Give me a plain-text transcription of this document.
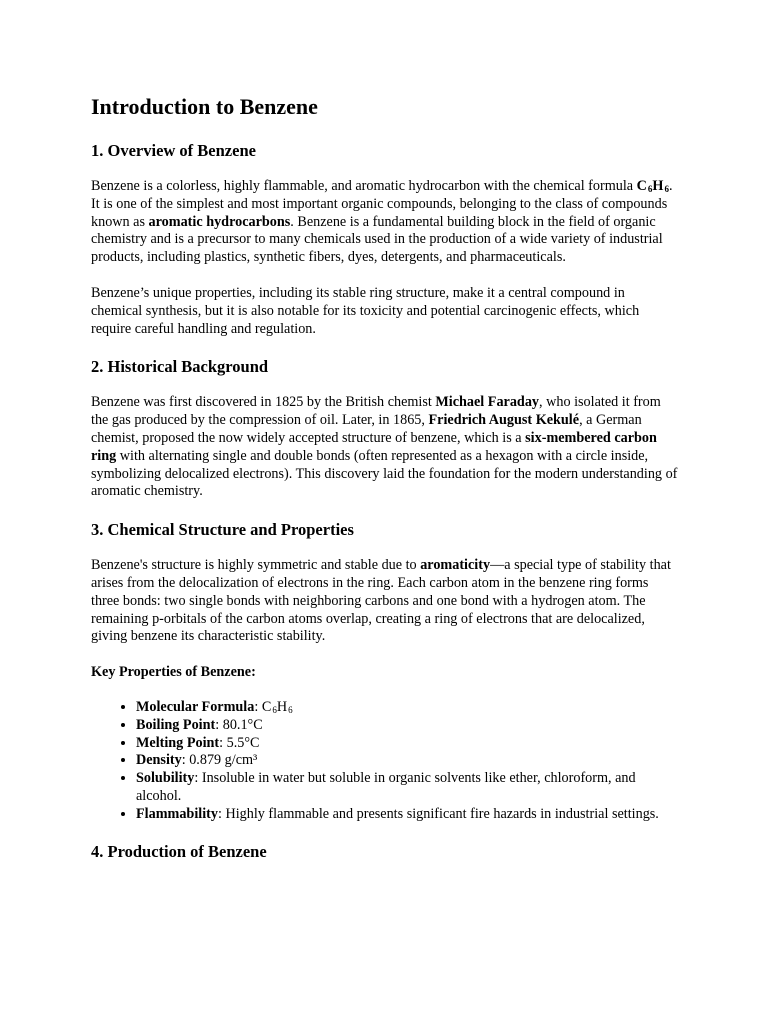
Introduction to Benzene
1. Overview of Benzene

Benzene is a colorless, highly flammable, and aromatic hydrocarbon with the chemical formula $C_6H_6$. It is one of the simplest and most important organic compounds, belonging to the class of compounds known as aromatic hydrocarbons. Benzene is a fundamental building block in the field of organic chemistry and is a precursor to many chemicals used in the production of a wide variety of industrial products, including plastics, synthetic fibers, dyes, detergents, and pharmaceuticals.

Benzene’s unique properties, including its stable ring structure, make it a central compound in chemical synthesis, but it is also notable for its toxicity and potential carcinogenic effects, which require careful handling and regulation.

2. Historical Background

Benzene was first discovered in 1825 by the British chemist Michael Faraday, who isolated it from the gas produced by the compression of oil. Later, in 1865, Friedrich August Kekulé, a German chemist, proposed the now widely accepted structure of benzene, which is a six-membered carbon ring with alternating single and double bonds (often represented as a hexagon with a circle inside, symbolizing delocalized electrons). This discovery laid the foundation for the modern understanding of aromatic chemistry.

3. Chemical Structure and Properties

Benzene's structure is highly symmetric and stable due to aromaticity—a special type of stability that arises from the delocalization of electrons in the ring. Each carbon atom in the benzene ring forms three bonds: two single bonds with neighboring carbons and one bond with a hydrogen atom. The remaining p-orbitals of the carbon atoms overlap, creating a ring of electrons that are delocalized, giving benzene its characteristic stability.

Key Properties of Benzene:

• Molecular Formula: $C_6H_6$
• Boiling Point: 80.1°C
• Melting Point: 5.5°C
• Density: 0.879 g/cm³
• Solubility: Insoluble in water but soluble in organic solvents like ether, chloroform, and alcohol.
• Flammability: Highly flammable and presents significant fire hazards in industrial settings.
4. Production of Benzene
